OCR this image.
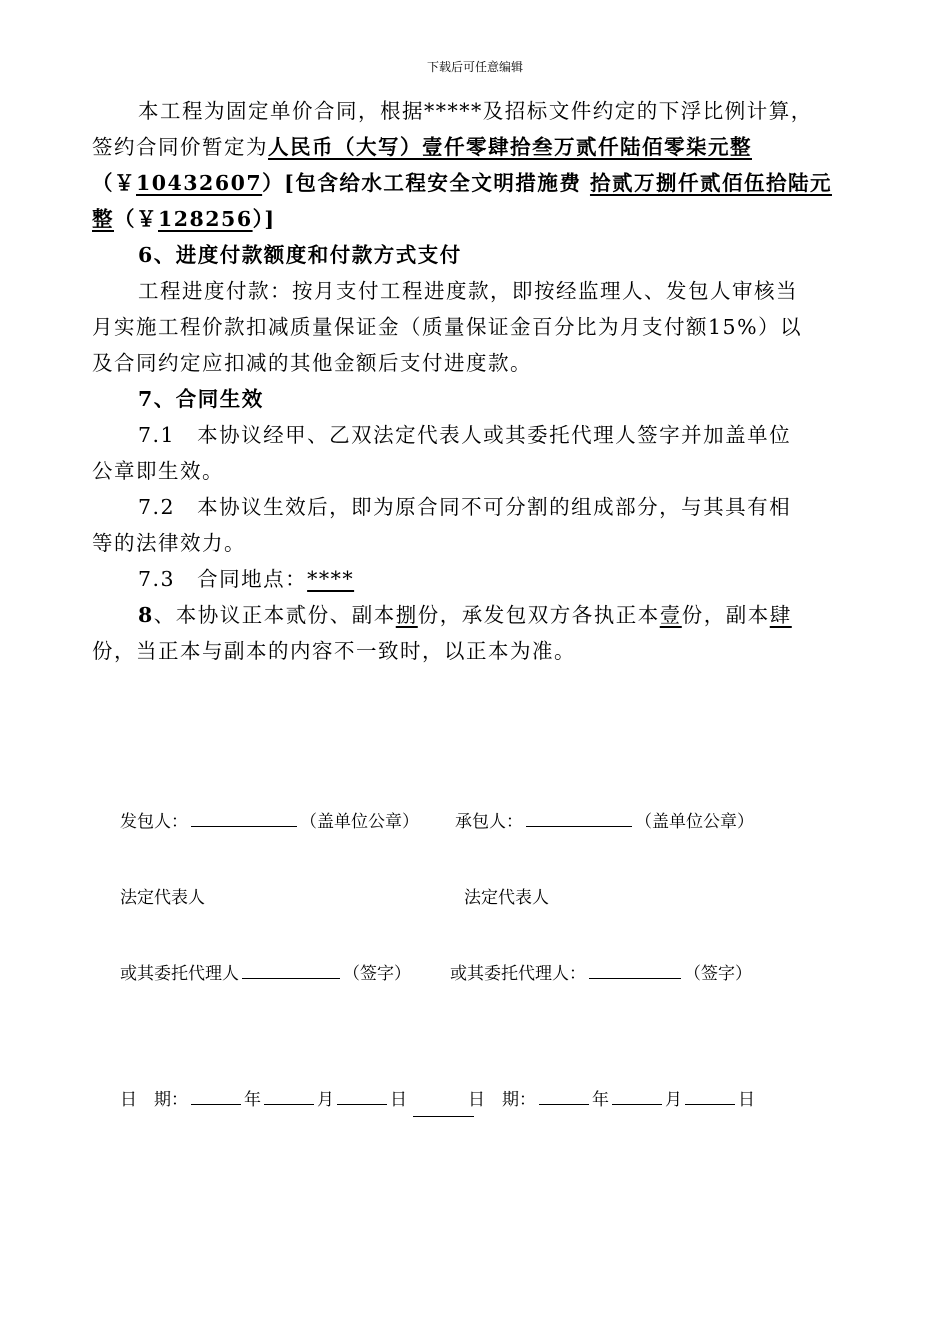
下载后可任意编辑
本工程为固定单价合同，根据*****及招标文件约定的下浮比例计算，
签约合同价暂定为人民币（大写）壹仟零肆拾叁万贰仟陆佰零柒元整
（￥10432607）[包含给水工程安全文明措施费 拾贰万捌仟贰佰伍拾陆元
整（￥128256）]
6、进度付款额度和付款方式支付
工程进度付款：按月支付工程进度款，即按经监理人、发包人审核当
月实施工程价款扣减质量保证金（质量保证金百分比为月支付额15%）以
及合同约定应扣减的其他金额后支付进度款。
7、合同生效
7.1　本协议经甲、乙双法定代表人或其委托代理人签字并加盖单位
公章即生效。
7.2　本协议生效后，即为原合同不可分割的组成部分，与其具有相
等的法律效力。
7.3　合同地点：****
8、本协议正本贰份、副本捌份，承发包双方各执正本壹份，副本肆
份，当正本与副本的内容不一致时，以正本为准。
发包人：	（盖单位公章） 承包人：	（盖单位公章）
法定代表人	法定代表人
或其委托代理人	（签字） 或其委托代理人：	（签字）
日　期：	年	月	日	日　期：	年	月	日
